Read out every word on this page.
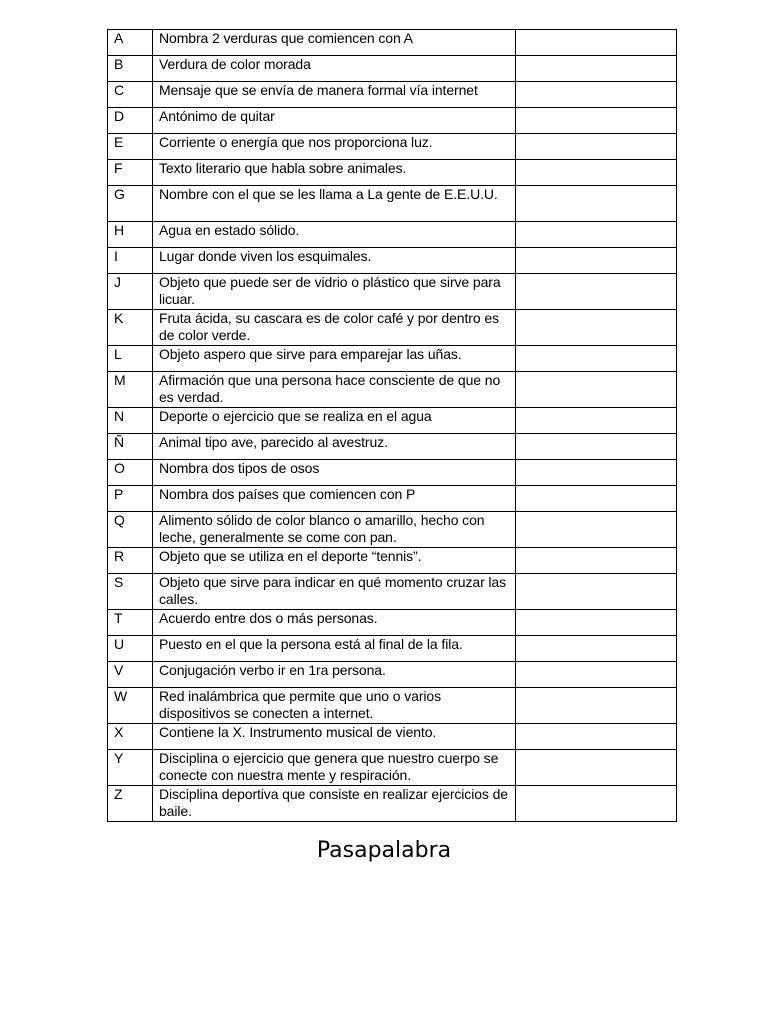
A	Nombra 2 verduras que comiencen con A	
B	Verdura de color morada	
C	Mensaje que se envía de manera formal vía internet	
D	Antónimo de quitar	
E	Corriente o energía que nos proporciona luz.	
F	Texto literario que habla sobre animales.	
G	Nombre con el que se les llama a La gente de E.E.U.U.	
H	Agua en estado sólido.	
I	Lugar donde viven los esquimales.	
J	Objeto que puede ser de vidrio o plástico que sirve para licuar.	
K	Fruta ácida, su cascara es de color café y por dentro es de color verde.	
L	Objeto aspero que sirve para emparejar las uñas.	
M	Afirmación que una persona hace consciente de que no es verdad.	
N	Deporte o ejercicio que se realiza en el agua	
Ñ	Animal tipo ave, parecido al avestruz.	
O	Nombra dos tipos de osos	
P	Nombra dos países que comiencen con P	
Q	Alimento sólido de color blanco o amarillo, hecho con leche, generalmente se come con pan.	
R	Objeto que se utiliza en el deporte “tennis”.	
S	Objeto que sirve para indicar en qué momento cruzar las calles.	
T	Acuerdo entre dos o más personas.	
U	Puesto en el que la persona está al final de la fila.	
V	Conjugación verbo ir en 1ra persona.	
W	Red inalámbrica que permite que uno o varios dispositivos se conecten a internet.	
X	Contiene la X. Instrumento musical de viento.	
Y	Disciplina o ejercicio que genera que nuestro cuerpo se conecte con nuestra mente y respiración.	
Z	Disciplina deportiva que consiste en realizar ejercicios de baile.	
Pasapalabra
